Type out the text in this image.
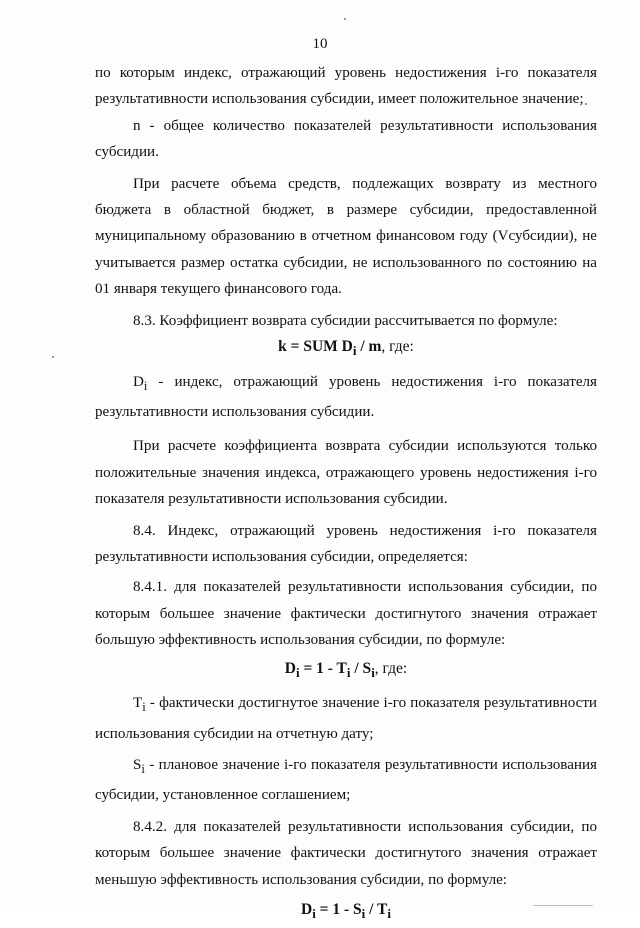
10

по которым индекс, отражающий уровень недостижения i-го показателя результативности использования субсидии, имеет положительное значение;

n - общее количество показателей результативности использования субсидии.

При расчете объема средств, подлежащих возврату из местного бюджета в областной бюджет, в размере субсидии, предоставленной муниципальному образованию в отчетном финансовом году (Vсубсидии), не учитывается размер остатка субсидии, не использованного по состоянию на 01 января текущего финансового года.

8.3. Коэффициент возврата субсидии рассчитывается по формуле:

k = SUM $D_i$ / m, где:

$D_i$ - индекс, отражающий уровень недостижения i-го показателя результативности использования субсидии.

При расчете коэффициента возврата субсидии используются только положительные значения индекса, отражающего уровень недостижения i-го показателя результативности использования субсидии.

8.4. Индекс, отражающий уровень недостижения i-го показателя результативности использования субсидии, определяется:

8.4.1. для показателей результативности использования субсидии, по которым большее значение фактически достигнутого значения отражает большую эффективность использования субсидии, по формуле:

$D_i = 1 - T_i / S_i$, где:

$T_i$ - фактически достигнутое значение i-го показателя результативности использования субсидии на отчетную дату;

$S_i$ - плановое значение i-го показателя результативности использования субсидии, установленное соглашением;

8.4.2. для показателей результативности использования субсидии, по которым большее значение фактически достигнутого значения отражает меньшую эффективность использования субсидии, по формуле:

$D_i = 1 - S_i / T_i$
